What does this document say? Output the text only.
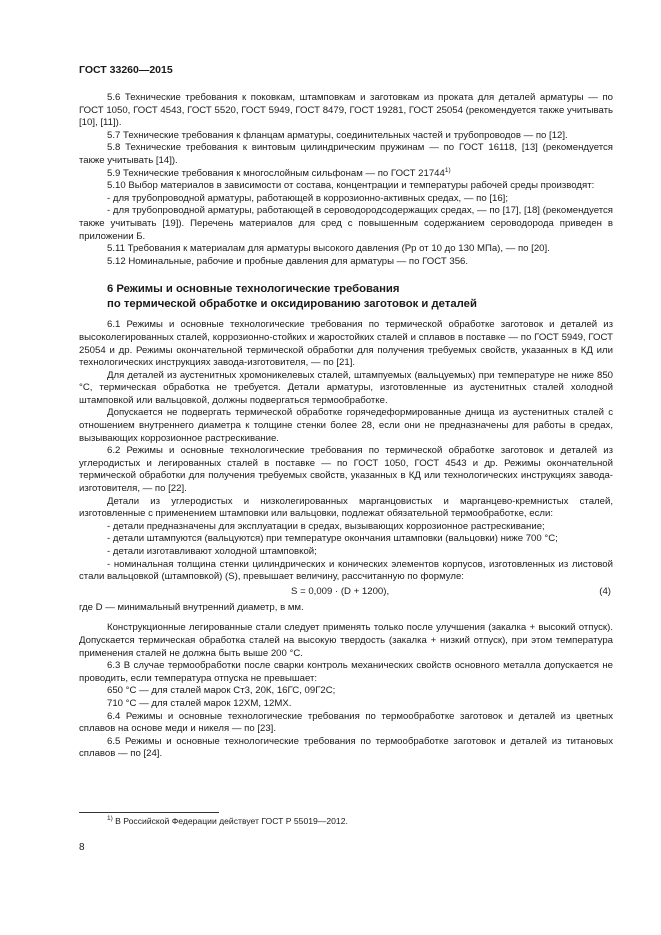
ГОСТ 33260—2015

5.6 Технические требования к поковкам, штамповкам и заготовкам из проката для деталей арматуры — по ГОСТ 1050, ГОСТ 4543, ГОСТ 5520, ГОСТ 5949, ГОСТ 8479, ГОСТ 19281, ГОСТ 25054 (рекомендуется также учитывать [10], [11]).

5.7 Технические требования к фланцам арматуры, соединительных частей и трубопроводов — по [12].

5.8 Технические требования к винтовым цилиндрическим пружинам — по ГОСТ 16118, [13] (рекомендуется также учитывать [14]).

5.9 Технические требования к многослойным сильфонам — по ГОСТ 21744$^{1)}$

5.10 Выбор материалов в зависимости от состава, концентрации и температуры рабочей среды производят:

- для трубопроводной арматуры, работающей в коррозионно-активных средах, — по [16];

- для трубопроводной арматуры, работающей в сероводородсодержащих средах, — по [17], [18] (рекомендуется также учитывать [19]). Перечень материалов для сред с повышенным содержанием сероводорода приведен в приложении Б.

5.11 Требования к материалам для арматуры высокого давления (Рр от 10 до 130 МПа), — по [20].

5.12 Номинальные, рабочие и пробные давления для арматуры — по ГОСТ 356.

6 Режимы и основные технологические требования
по термической обработке и оксидированию заготовок и деталей

6.1 Режимы и основные технологические требования по термической обработке заготовок и деталей из высоколегированных сталей, коррозионно-стойких и жаростойких сталей и сплавов в поставке — по ГОСТ 5949, ГОСТ 25054 и др. Режимы окончательной термической обработки для получения требуемых свойств, указанных в КД или технологических инструкциях завода-изготовителя, — по [21].

Для деталей из аустенитных хромоникелевых сталей, штампуемых (вальцуемых) при температуре не ниже 850 °С, термическая обработка не требуется. Детали арматуры, изготовленные из аустенитных сталей холодной штамповкой или вальцовкой, должны подвергаться термообработке.

Допускается не подвергать термической обработке горячедеформированные днища из аустенитных сталей с отношением внутреннего диаметра к толщине стенки более 28, если они не предназначены для работы в средах, вызывающих коррозионное растрескивание.

6.2 Режимы и основные технологические требования по термической обработке заготовок и деталей из углеродистых и легированных сталей в поставке — по ГОСТ 1050, ГОСТ 4543 и др. Режимы окончательной термической обработки для получения требуемых свойств, указанных в КД или технологических инструкциях завода-изготовителя, — по [22].

Детали из углеродистых и низколегированных марганцовистых и марганцево-кремнистых сталей, изготовленные с применением штамповки или вальцовки, подлежат обязательной термообработке, если:

- детали предназначены для эксплуатации в средах, вызывающих коррозионное растрескивание;

- детали штампуются (вальцуются) при температуре окончания штамповки (вальцовки) ниже 700 °С;

- детали изготавливают холодной штамповкой;

- номинальная толщина стенки цилиндрических и конических элементов корпусов, изготовленных из листовой стали вальцовкой (штамповкой) (S), превышает величину, рассчитанную по формуле:

S = 0,009 · (D + 1200),	(4)

где D — минимальный внутренний диаметр, в мм.

Конструкционные легированные стали следует применять только после улучшения (закалка + высокий отпуск). Допускается термическая обработка сталей на высокую твердость (закалка + низкий отпуск), при этом температура применения сталей не должна быть выше 200 °С.

6.3 В случае термообработки после сварки контроль механических свойств основного металла допускается не проводить, если температура отпуска не превышает:

650 °С — для сталей марок Ст3, 20К, 16ГС, 09Г2С;

710 °С — для сталей марок 12ХМ, 12МХ.

6.4 Режимы и основные технологические требования по термообработке заготовок и деталей из цветных сплавов на основе меди и никеля — по [23].

6.5 Режимы и основные технологические требования по термообработке заготовок и деталей из титановых сплавов — по [24].

$^{1)}$ В Российской Федерации действует ГОСТ Р 55019—2012.
8
